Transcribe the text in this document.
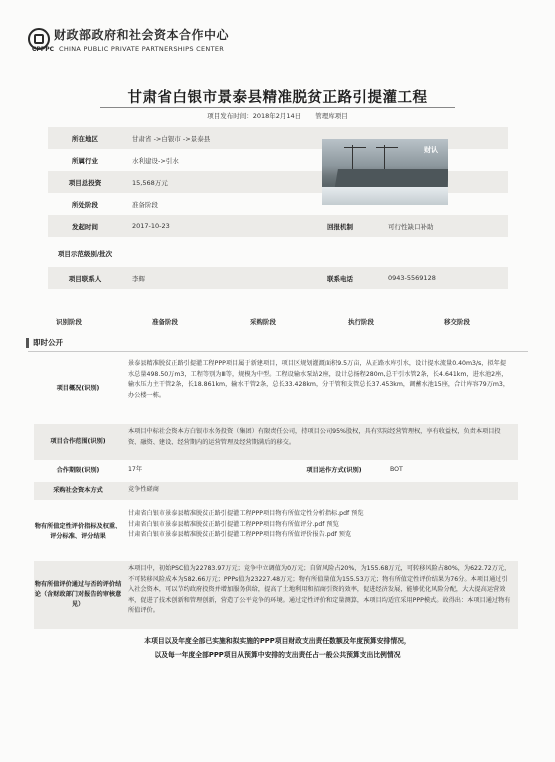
财政部政府和社会资本合作中心
CPPPC CHINA PUBLIC PRIVATE PARTNERSHIPS CENTER
甘肃省白银市景泰县精准脱贫正路引提灌工程
项目发布时间：2018年2月14日 管理库项目
所在地区	甘肃省 ->白银市 ->景泰县
所属行业	水利建设->引水
项目总投资	15,568万元
所处阶段	准备阶段
发起时间	2017-10-23	回报机制	可行性缺口补助
项目示范级别/批次
项目联系人	李辉	联系电话	0943-5569128
财认
识别阶段	准备阶段	采购阶段	执行阶段	移交阶段
即时公开
项目概况(识别)

景泰县精准脱贫正路引提灌工程PPP项目属于新建项目，项目区规划灌溉面积9.5万亩，从正路水库引水，设计提水流量0.40m3/s，拟年提水总量498.50万m3，工程等别为Ⅲ等，规模为中型。工程设输水泵站2座，设计总扬程280m,总干引水管2条，长4.641km，进水池2座，输水压力主干管2条，长18.861km，输水干管2条，总长33.428km，分干管和支管总长37.453km，调蓄水池15座，合计库容79万m3，办公楼一栋。

项目合作范围(识别)

本项目中标社会资本方白银市水务投资（集团）有限责任公司，持项目公司95%股权，具有实际经营管理权，享有收益权，负责本项目投资、融资、建设、经营期内的运营管理及经营期满后的移交。

合作期限(识别)	17年	项目运作方式(识别)	BOT
采购社会资本方式	竞争性磋商
物有所值定性评价指标及权重、评分标准、评分结果

甘肃省白银市景泰县精准脱贫正路引提灌工程PPP项目物有所值定性分析指标.pdf 预览

甘肃省白银市景泰县精准脱贫正路引提灌工程PPP项目物有所值评分.pdf 预览

甘肃省白银市景泰县精准脱贫正路引提灌工程PPP项目物有所值评价报告.pdf 预览

物有所值评价通过与否的评价结论（含财政部门对报告的审核意见）

本项目中，初始PSC值为22783.97万元；竞争中立调值为0万元；自留风险占20%，为155.68万元，可转移风险占80%，为622.72万元，不可转移风险成本为582.66万元；PPPs值为23227.48万元；物有所值量值为155.53万元；物有所值定性评价结果为76分。本项目通过引入社会资本，可以节约政府投资并增加服务供给，提高了土地利用和招商引资的效率，促进经济发展，能够优化风险分配，大大提高运营效率，促进了技术创新和管理创新，营造了公平竞争的环境。通过定性评价和定量测算，本项目均适宜采用PPP模式。故得出：本项目通过物有所值评价。

本项目以及年度全部已实施和拟实施的PPP项目财政支出责任数额及年度预算安排情况，
以及每一年度全部PPP项目从预算中安排的支出责任占一般公共预算支出比例情况
